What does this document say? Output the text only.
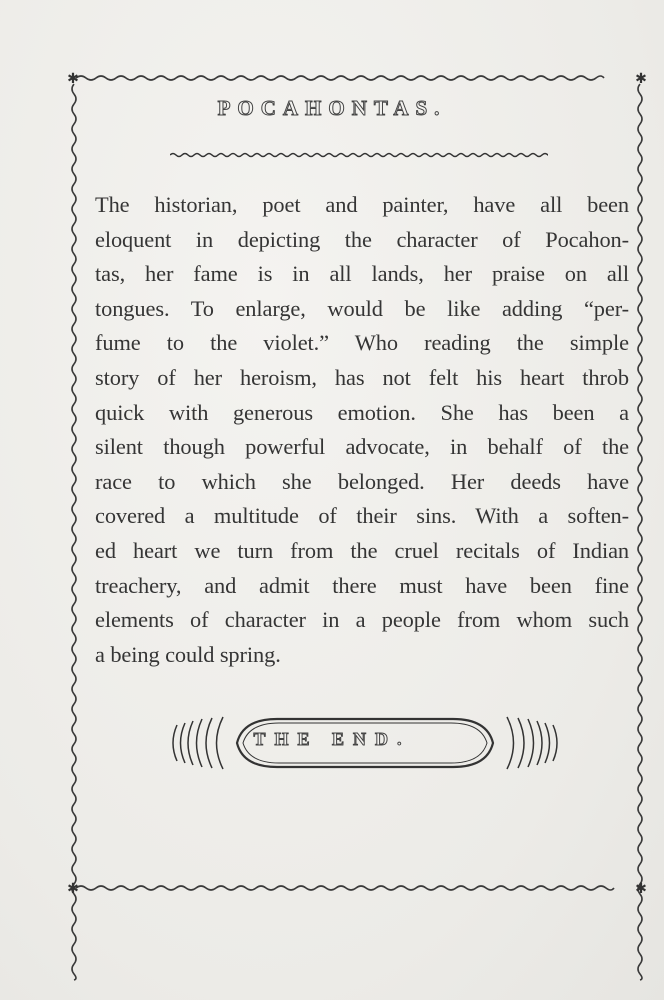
✱	✱
✱	✱
POCAHONTAS.
The historian, poet and painter, have all been
eloquent in depicting the character of Pocahon-
tas, her fame is in all lands, her praise on all
tongues. To enlarge, would be like adding “per-
fume to the violet.” Who reading the simple
story of her heroism, has not felt his heart throb
quick with generous emotion. She has been a
silent though powerful advocate, in behalf of the
race to which she belonged. Her deeds have
covered a multitude of their sins. With a soften-
ed heart we turn from the cruel recitals of Indian
treachery, and admit there must have been fine
elements of character in a people from whom such
a being could spring.
THE END.
